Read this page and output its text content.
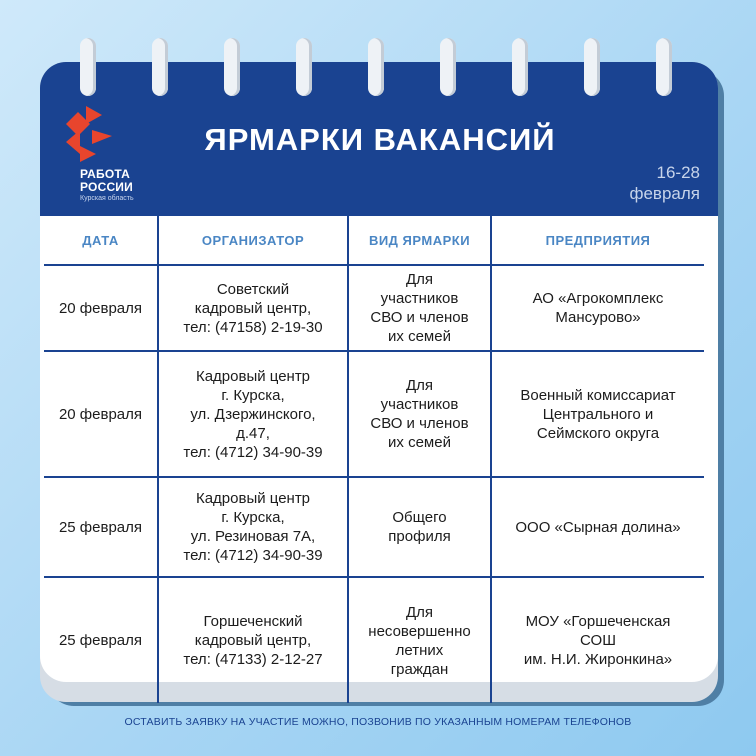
РАБОТА
РОССИИ
Курская область
ЯРМАРКИ ВАКАНСИЙ
16-28
февраля
ДАТА	ОРГАНИЗАТОР	ВИД ЯРМАРКИ	ПРЕДПРИЯТИЯ
20 февраля	Советский
кадровый центр,
тел: (47158) 2-19-30	Для
участников
СВО и членов
их семей	АО «Агрокомплекс
Мансурово»
20 февраля	Кадровый центр
г. Курска,
ул. Дзержинского,
д.47,
тел: (4712) 34-90-39	Для
участников
СВО и членов
их семей	Военный комиссариат
Центрального и
Сеймского округа
25 февраля	Кадровый центр
г. Курска,
ул. Резиновая 7А,
тел: (4712) 34-90-39	Общего
профиля	ООО «Сырная долина»
25 февраля	Горшеченский
кадровый центр,
тел: (47133) 2-12-27	Для
несовершенно
летних
граждан	МОУ «Горшеченская
СОШ
им. Н.И. Жиронкина»
ОСТАВИТЬ ЗАЯВКУ НА УЧАСТИЕ МОЖНО, ПОЗВОНИВ ПО УКАЗАННЫМ НОМЕРАМ ТЕЛЕФОНОВ
